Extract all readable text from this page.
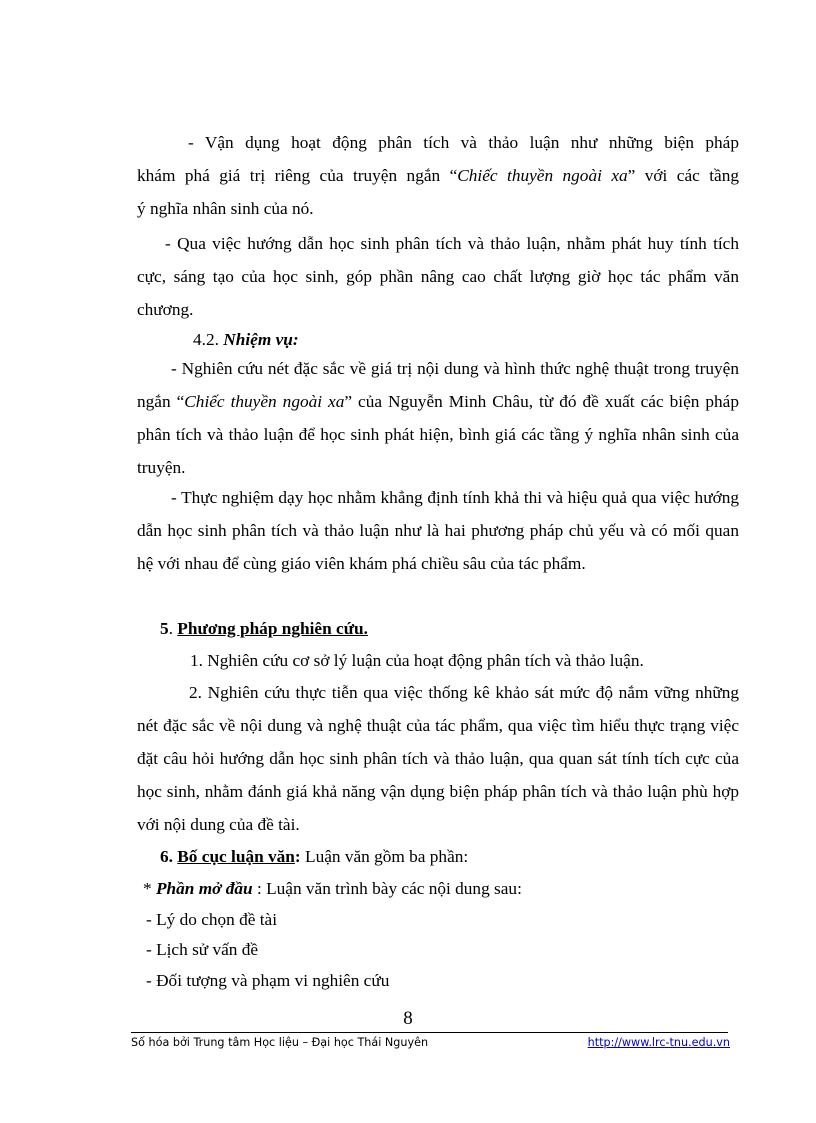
- Vận dụng hoạt động phân tích và thảo luận như những biện pháp

khám phá giá trị riêng của truyện ngắn “Chiếc thuyền ngoài xa” với các tầng

ý nghĩa nhân sinh của nó.

- Qua việc hướng dẫn học sinh phân tích và thảo luận, nhằm phát huy tính tích cực, sáng tạo của học sinh, góp phần nâng cao chất lượng giờ học tác phẩm văn chương.

4.2. Nhiệm vụ:

- Nghiên cứu nét đặc sắc về giá trị nội dung và hình thức nghệ thuật trong truyện ngắn “Chiếc thuyền ngoài xa” của Nguyễn Minh Châu, từ đó đề xuất các biện pháp phân tích và thảo luận để học sinh phát hiện, bình giá các tầng ý nghĩa nhân sinh của truyện.

- Thực nghiệm dạy học nhằm khẳng định tính khả thi và hiệu quả qua việc hướng dẫn học sinh phân tích và thảo luận như là hai phương pháp chủ yếu và có mối quan hệ với nhau để cùng giáo viên khám phá chiều sâu của tác phẩm.

5. Phương pháp nghiên cứu.

1. Nghiên cứu cơ sở lý luận của hoạt động phân tích và thảo luận.

2. Nghiên cứu thực tiễn qua việc thống kê khảo sát mức độ nắm vững những nét đặc sắc về nội dung và nghệ thuật của tác phẩm, qua việc tìm hiểu thực trạng việc đặt câu hỏi hướng dẫn học sinh phân tích và thảo luận, qua quan sát tính tích cực của học sinh, nhằm đánh giá khả năng vận dụng biện pháp phân tích và thảo luận phù hợp với nội dung của đề tài.

6. Bố cục luận văn: Luận văn gồm ba phần:

* Phần mở đầu : Luận văn trình bày các nội dung sau:

- Lý do chọn đề tài

- Lịch sử vấn đề

- Đối tượng và phạm vi nghiên cứu

8
Số hóa bởi Trung tâm Học liệu – Đại học Thái Nguyên	http://www.lrc-tnu.edu.vn
